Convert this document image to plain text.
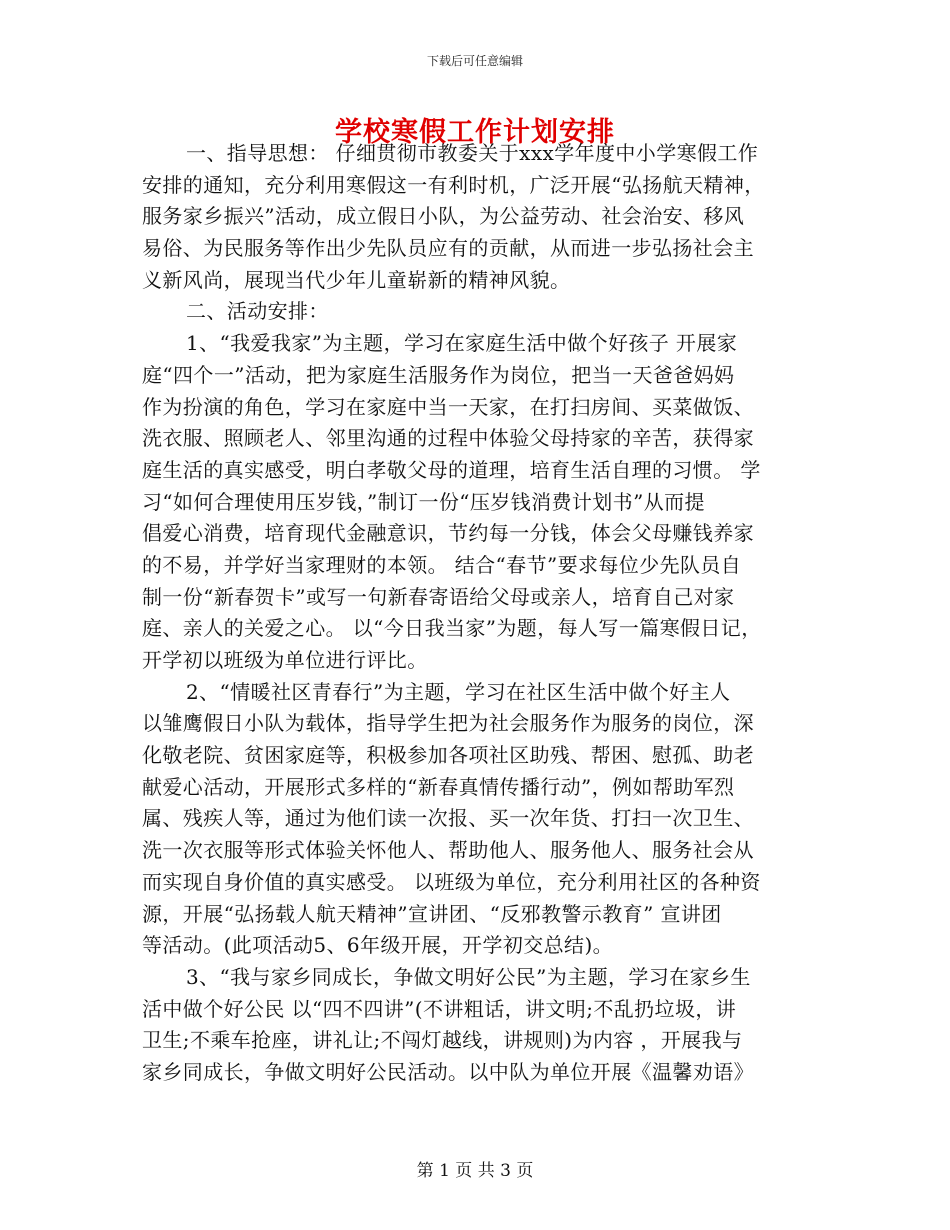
下载后可任意编辑
学校寒假工作计划安排
一、指导思想： 仔细贯彻市教委关于xxx学年度中小学寒假工作
安排的通知，充分利用寒假这一有利时机，广泛开展“弘扬航天精神，
服务家乡振兴”活动，成立假日小队，为公益劳动、社会治安、移风
易俗、为民服务等作出少先队员应有的贡献，从而进一步弘扬社会主
义新风尚，展现当代少年儿童崭新的精神风貌。
二、活动安排：
1、“我爱我家”为主题，学习在家庭生活中做个好孩子 开展家
庭“四个一”活动，把为家庭生活服务作为岗位，把当一天爸爸妈妈
作为扮演的角色，学习在家庭中当一天家，在打扫房间、买菜做饭、
洗衣服、照顾老人、邻里沟通的过程中体验父母持家的辛苦，获得家
庭生活的真实感受，明白孝敬父母的道理，培育生活自理的习惯。 学
习“如何合理使用压岁钱，”制订一份“压岁钱消费计划书”从而提
倡爱心消费，培育现代金融意识，节约每一分钱，体会父母赚钱养家
的不易，并学好当家理财的本领。 结合“春节”要求每位少先队员自
制一份“新春贺卡”或写一句新春寄语给父母或亲人，培育自己对家
庭、亲人的关爱之心。 以“今日我当家”为题，每人写一篇寒假日记，
开学初以班级为单位进行评比。
2、“情暖社区青春行”为主题，学习在社区生活中做个好主人
以雏鹰假日小队为载体，指导学生把为社会服务作为服务的岗位，深
化敬老院、贫困家庭等，积极参加各项社区助残、帮困、慰孤、助老
献爱心活动，开展形式多样的“新春真情传播行动”，例如帮助军烈
属、残疾人等，通过为他们读一次报、买一次年货、打扫一次卫生、
洗一次衣服等形式体验关怀他人、帮助他人、服务他人、服务社会从
而实现自身价值的真实感受。 以班级为单位，充分利用社区的各种资
源，开展“弘扬载人航天精神”宣讲团、“反邪教警示教育” 宣讲团
等活动。(此项活动5、6年级开展，开学初交总结)。
3、“我与家乡同成长，争做文明好公民”为主题，学习在家乡生
活中做个好公民 以“四不四讲”(不讲粗话，讲文明;不乱扔垃圾，讲
卫生;不乘车抢座，讲礼让;不闯灯越线，讲规则)为内容 ，开展我与
家乡同成长，争做文明好公民活动。以中队为单位开展《温馨劝语》
第 1 页 共 3 页
